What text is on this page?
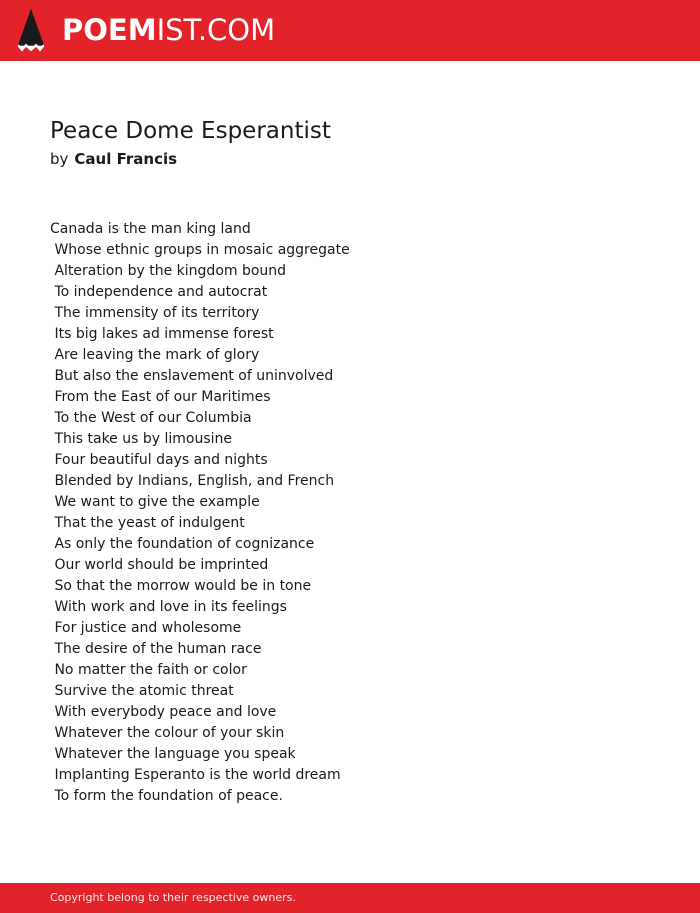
POEMIST.COM
Peace Dome Esperantist
by Caul Francis
Canada is the man king land
Whose ethnic groups in mosaic aggregate
Alteration by the kingdom bound
To independence and autocrat
The immensity of its territory
Its big lakes ad immense forest
Are leaving the mark of glory
But also the enslavement of uninvolved
From the East of our Maritimes
To the West of our Columbia
This take us by limousine
Four beautiful days and nights
Blended by Indians, English, and French
We want to give the example
That the yeast of indulgent
As only the foundation of cognizance
Our world should be imprinted
So that the morrow would be in tone
With work and love in its feelings
For justice and wholesome
The desire of the human race
No matter the faith or color
Survive the atomic threat
With everybody peace and love
Whatever the colour of your skin
Whatever the language you speak
Implanting Esperanto is the world dream
To form the foundation of peace.
Copyright belong to their respective owners.
